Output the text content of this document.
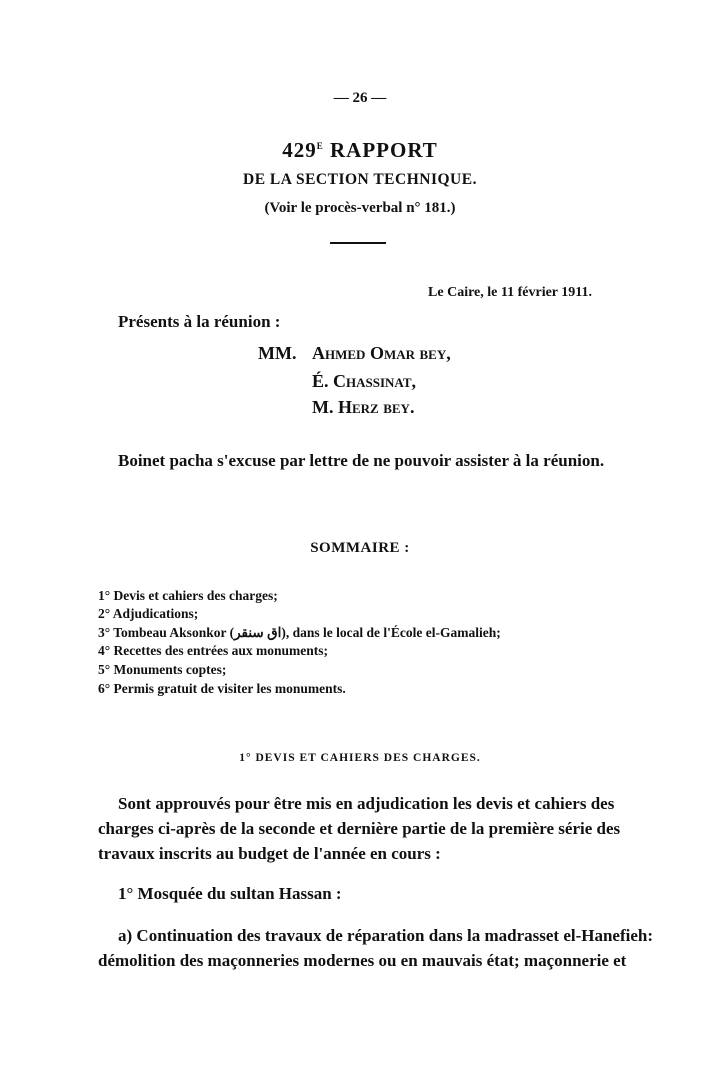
— 26 —
429e RAPPORT
DE LA SECTION TECHNIQUE.
(Voir le procès-verbal n° 181.)
Le Caire, le 11 février 1911.
Présents à la réunion :
MM. Ahmed Omar bey,
É. Chassinat,
M. Herz bey.
Boinet pacha s'excuse par lettre de ne pouvoir assister à la réunion.
SOMMAIRE :
1° Devis et cahiers des charges;
2° Adjudications;
3° Tombeau Aksonkor (اق سنقر), dans le local de l'École el-Gamalieh;
4° Recettes des entrées aux monuments;
5° Monuments coptes;
6° Permis gratuit de visiter les monuments.
1° DEVIS ET CAHIERS DES CHARGES.
Sont approuvés pour être mis en adjudication les devis et cahiers des
charges ci-après de la seconde et dernière partie de la première série des
travaux inscrits au budget de l'année en cours :
1° Mosquée du sultan Hassan :
a) Continuation des travaux de réparation dans la madrasset el-Hanefieh:
démolition des maçonneries modernes ou en mauvais état; maçonnerie et
